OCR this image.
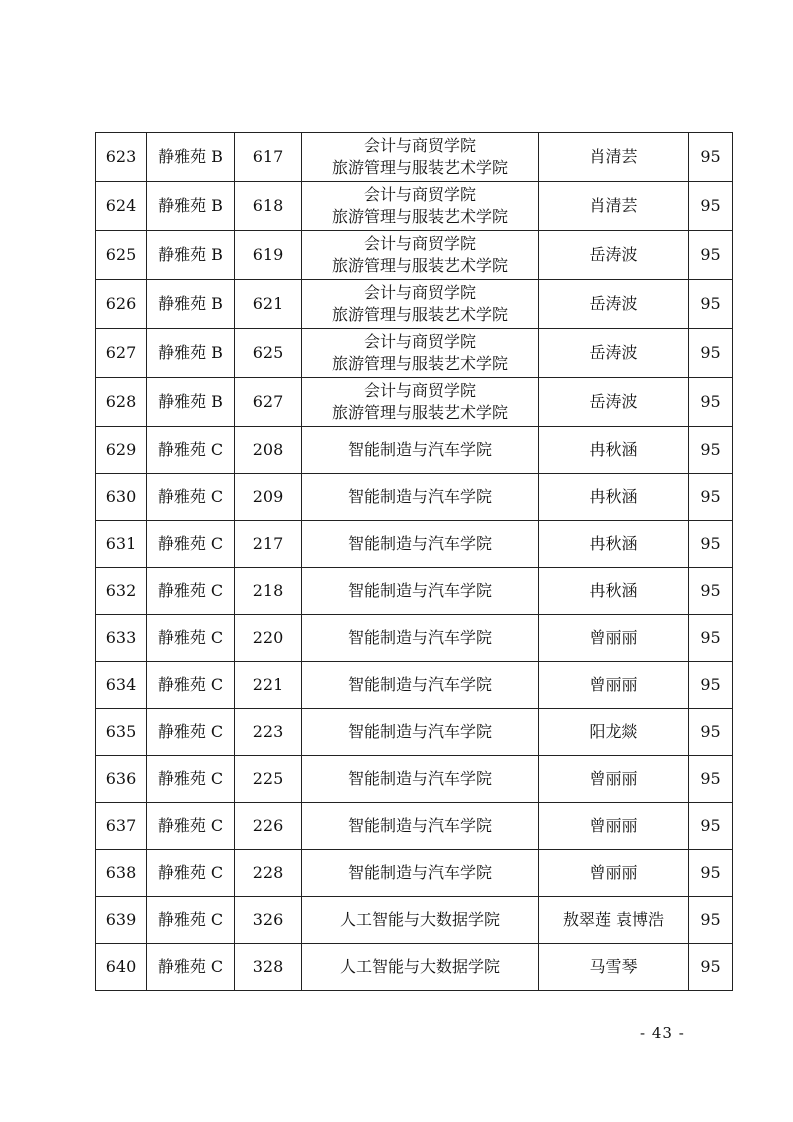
623	静雅苑 B	617	会计与商贸学院
旅游管理与服装艺术学院	肖清芸	95
624	静雅苑 B	618	会计与商贸学院
旅游管理与服装艺术学院	肖清芸	95
625	静雅苑 B	619	会计与商贸学院
旅游管理与服装艺术学院	岳涛波	95
626	静雅苑 B	621	会计与商贸学院
旅游管理与服装艺术学院	岳涛波	95
627	静雅苑 B	625	会计与商贸学院
旅游管理与服装艺术学院	岳涛波	95
628	静雅苑 B	627	会计与商贸学院
旅游管理与服装艺术学院	岳涛波	95
629	静雅苑 C	208	智能制造与汽车学院	冉秋涵	95
630	静雅苑 C	209	智能制造与汽车学院	冉秋涵	95
631	静雅苑 C	217	智能制造与汽车学院	冉秋涵	95
632	静雅苑 C	218	智能制造与汽车学院	冉秋涵	95
633	静雅苑 C	220	智能制造与汽车学院	曾丽丽	95
634	静雅苑 C	221	智能制造与汽车学院	曾丽丽	95
635	静雅苑 C	223	智能制造与汽车学院	阳龙燚	95
636	静雅苑 C	225	智能制造与汽车学院	曾丽丽	95
637	静雅苑 C	226	智能制造与汽车学院	曾丽丽	95
638	静雅苑 C	228	智能制造与汽车学院	曾丽丽	95
639	静雅苑 C	326	人工智能与大数据学院	敖翠莲 袁博浩	95
640	静雅苑 C	328	人工智能与大数据学院	马雪琴	95
- 43 -
